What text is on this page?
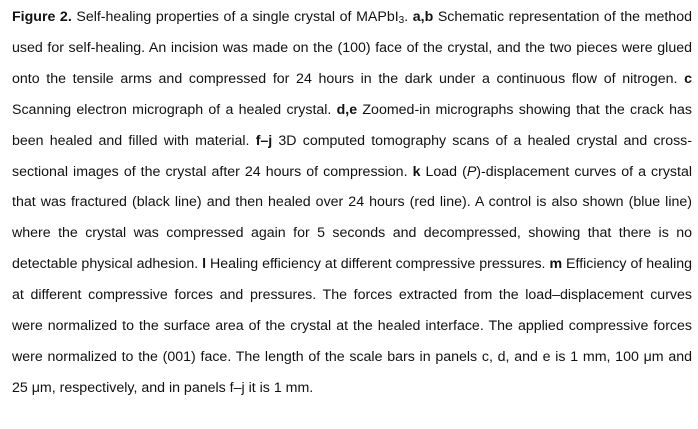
Figure 2. Self-healing properties of a single crystal of MAPbI$_3$. a,b Schematic representation of the method used for self-healing. An incision was made on the (100) face of the crystal, and the two pieces were glued onto the tensile arms and compressed for 24 hours in the dark under a continuous flow of nitrogen. c Scanning electron micrograph of a healed crystal. d,e Zoomed-in micrographs showing that the crack has been healed and filled with material. f–j 3D computed tomography scans of a healed crystal and cross-sectional images of the crystal after 24 hours of compression. k Load (P)-displacement curves of a crystal that was fractured (black line) and then healed over 24 hours (red line). A control is also shown (blue line) where the crystal was compressed again for 5 seconds and decompressed, showing that there is no detectable physical adhesion. l Healing efficiency at different compressive pressures. m Efficiency of healing at different compressive forces and pressures. The forces extracted from the load–displacement curves were normalized to the surface area of the crystal at the healed interface. The applied compressive forces were normalized to the (001) face. The length of the scale bars in panels c, d, and e is 1 mm, 100 μm and 25 μm, respectively, and in panels f–j it is 1 mm.
